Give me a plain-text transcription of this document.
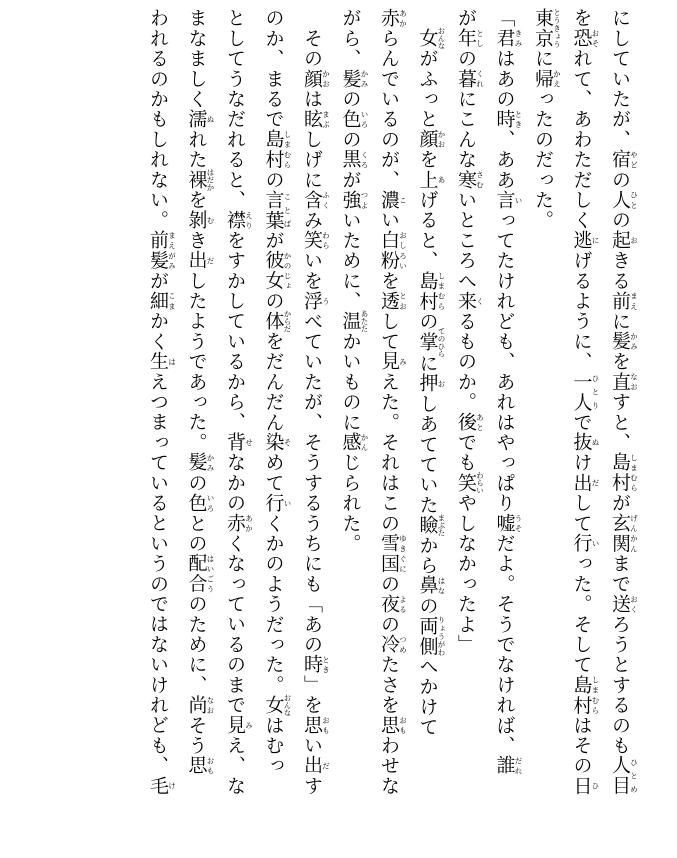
にしていたが、宿やどの人ひとの起おきる前まえに髪かみを直なおすと、島村しまむらが玄関げんかんまで送おくろうとするのも人目ひとめ
を恐おそれて、あわただしく逃にげるように、一人ひとりで抜ぬけ出だして行いった。そして島村しまむらはその日ひ
東京とうきょうに帰かえったのだった。
「君きみはあの時とき、ああ言いってたけれども、あれはやっぱり嘘うそだよ。そうでなければ、誰だれ
が年としの暮くれにこんな寒さむいところへ来くるものか。後あとでも笑わらいやしなかったよ」
　女おんながふっと顔かおを上あげると、島村しまむらの掌てのひらに押おしあてていた瞼まぶたから鼻はなの両側りょうがわへかけて
赤あからんでいるのが、濃こい白粉おしろいを透とおして見みえた。それはこの雪国ゆきぐにの夜よるの冷つめたさを思おもわせな
がら、髪かみの色いろの黒くろが強つよいために、温あたたかいものに感かんじられた。
　その顔かおは眩まぶしげに含ふくみ笑わらいを浮うべていたが、そうするうちにも「あの時とき」を思おもい出だす
のか、まるで島村しまむらの言葉ことばが彼女かのじょの体からだをだんだん染そめて行いくかのようだった。女おんなはむっ
としてうなだれると、襟えりをすかしているから、背せなかの赤あかくなっているのまで見みえ、な
まなましく濡ぬれた裸はだかを剝むき出だしたようであった。髪かみの色いろとの配合はいごうのために、尚なおそう思おも
われるのかもしれない。前髪まえがみが細こまかく生はえつまっているというのではないけれども、毛け
